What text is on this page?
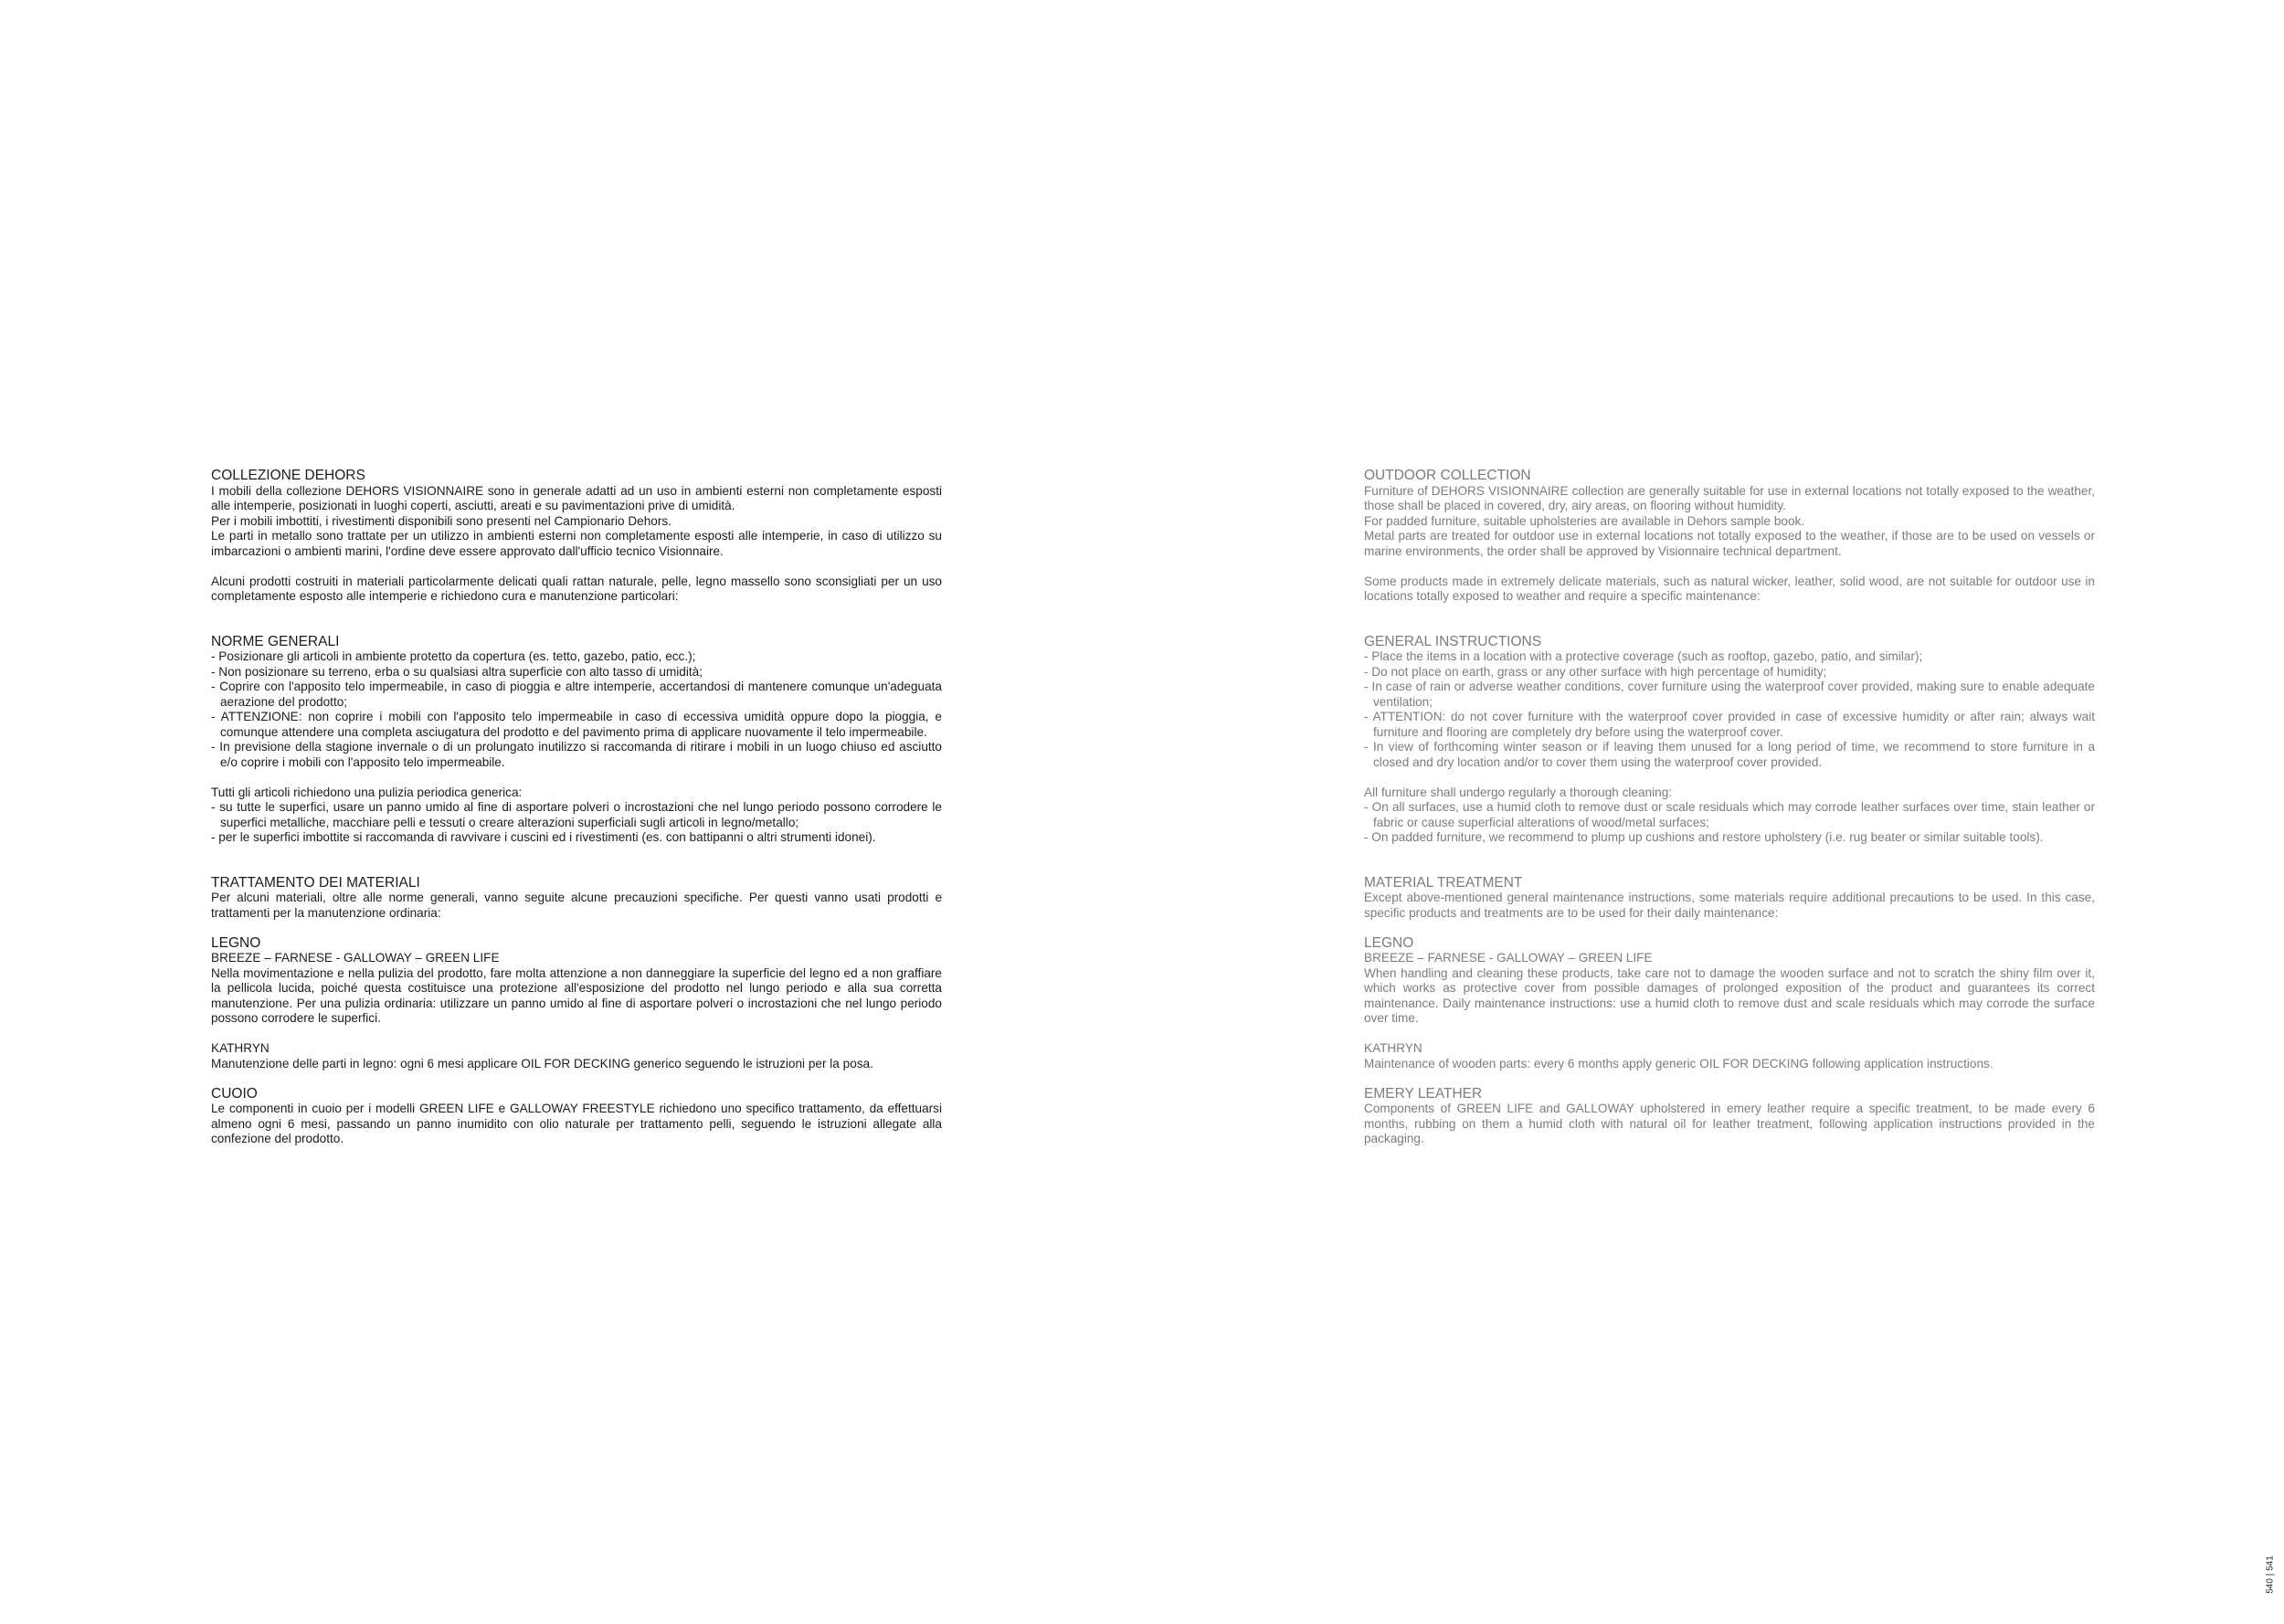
COLLEZIONE DEHORS

I mobili della collezione DEHORS VISIONNAIRE sono in generale adatti ad un uso in ambienti esterni non completamente esposti alle intemperie, posizionati in luoghi coperti, asciutti, areati e su pavimentazioni prive di umidità.

Per i mobili imbottiti, i rivestimenti disponibili sono presenti nel Campionario Dehors.

Le parti in metallo sono trattate per un utilizzo in ambienti esterni non completamente esposti alle intemperie, in caso di utilizzo su imbarcazioni o ambienti marini, l'ordine deve essere approvato dall'ufficio tecnico Visionnaire.

Alcuni prodotti costruiti in materiali particolarmente delicati quali rattan naturale, pelle, legno massello sono sconsigliati per un uso completamente esposto alle intemperie e richiedono cura e manutenzione particolari:

NORME GENERALI

- Posizionare gli articoli in ambiente protetto da copertura (es. tetto, gazebo, patio, ecc.);

- Non posizionare su terreno, erba o su qualsiasi altra superficie con alto tasso di umidità;

- Coprire con l'apposito telo impermeabile, in caso di pioggia e altre intemperie, accertandosi di mantenere comunque un'adeguata aerazione del prodotto;

- ATTENZIONE: non coprire i mobili con l'apposito telo impermeabile in caso di eccessiva umidità oppure dopo la pioggia, e comunque attendere una completa asciugatura del prodotto e del pavimento prima di applicare nuovamente il telo impermeabile.

- In previsione della stagione invernale o di un prolungato inutilizzo si raccomanda di ritirare i mobili in un luogo chiuso ed asciutto e/o coprire i mobili con l'apposito telo impermeabile.

Tutti gli articoli richiedono una pulizia periodica generica:

- su tutte le superfici, usare un panno umido al fine di asportare polveri o incrostazioni che nel lungo periodo possono corrodere le superfici metalliche, macchiare pelli e tessuti o creare alterazioni superficiali sugli articoli in legno/metallo;

- per le superfici imbottite si raccomanda di ravvivare i cuscini ed i rivestimenti (es. con battipanni o altri strumenti idonei).

TRATTAMENTO DEI MATERIALI

Per alcuni materiali, oltre alle norme generali, vanno seguite alcune precauzioni specifiche. Per questi vanno usati prodotti e trattamenti per la manutenzione ordinaria:

LEGNO

BREEZE – FARNESE - GALLOWAY – GREEN LIFE

Nella movimentazione e nella pulizia del prodotto, fare molta attenzione a non danneggiare la superficie del legno ed a non graffiare la pellicola lucida, poiché questa costituisce una protezione all'esposizione del prodotto nel lungo periodo e alla sua corretta manutenzione. Per una pulizia ordinaria: utilizzare un panno umido al fine di asportare polveri o incrostazioni che nel lungo periodo possono corrodere le superfici.

KATHRYN

Manutenzione delle parti in legno: ogni 6 mesi applicare OIL FOR DECKING generico seguendo le istruzioni per la posa.

CUOIO

Le componenti in cuoio per i modelli GREEN LIFE e GALLOWAY FREESTYLE richiedono uno specifico trattamento, da effettuarsi almeno ogni 6 mesi, passando un panno inumidito con olio naturale per trattamento pelli, seguendo le istruzioni allegate alla confezione del prodotto.

OUTDOOR COLLECTION

Furniture of DEHORS VISIONNAIRE collection are generally suitable for use in external locations not totally exposed to the weather, those shall be placed in covered, dry, airy areas, on flooring without humidity.

For padded furniture, suitable upholsteries are available in Dehors sample book.

Metal parts are treated for outdoor use in external locations not totally exposed to the weather, if those are to be used on vessels or marine environments, the order shall be approved by Visionnaire technical department.

Some products made in extremely delicate materials, such as natural wicker, leather, solid wood, are not suitable for outdoor use in locations totally exposed to weather and require a specific maintenance:

GENERAL INSTRUCTIONS

- Place the items in a location with a protective coverage (such as rooftop, gazebo, patio, and similar);

- Do not place on earth, grass or any other surface with high percentage of humidity;

- In case of rain or adverse weather conditions, cover furniture using the waterproof cover provided, making sure to enable adequate ventilation;

- ATTENTION: do not cover furniture with the waterproof cover provided in case of excessive humidity or after rain; always wait furniture and flooring are completely dry before using the waterproof cover.

- In view of forthcoming winter season or if leaving them unused for a long period of time, we recommend to store furniture in a closed and dry location and/or to cover them using the waterproof cover provided.

All furniture shall undergo regularly a thorough cleaning:

- On all surfaces, use a humid cloth to remove dust or scale residuals which may corrode leather surfaces over time, stain leather or fabric or cause superficial alterations of wood/metal surfaces;

- On padded furniture, we recommend to plump up cushions and restore upholstery (i.e. rug beater or similar suitable tools).

MATERIAL TREATMENT

Except above-mentioned general maintenance instructions, some materials require additional precautions to be used. In this case, specific products and treatments are to be used for their daily maintenance:

LEGNO

BREEZE – FARNESE - GALLOWAY – GREEN LIFE

When handling and cleaning these products, take care not to damage the wooden surface and not to scratch the shiny film over it, which works as protective cover from possible damages of prolonged exposition of the product and guarantees its correct maintenance. Daily maintenance instructions: use a humid cloth to remove dust and scale residuals which may corrode the surface over time.

KATHRYN

Maintenance of wooden parts: every 6 months apply generic OIL FOR DECKING following application instructions.

EMERY LEATHER

Components of GREEN LIFE and GALLOWAY upholstered in emery leather require a specific treatment, to be made every 6 months, rubbing on them a humid cloth with natural oil for leather treatment, following application instructions provided in the packaging.

540 | 541
